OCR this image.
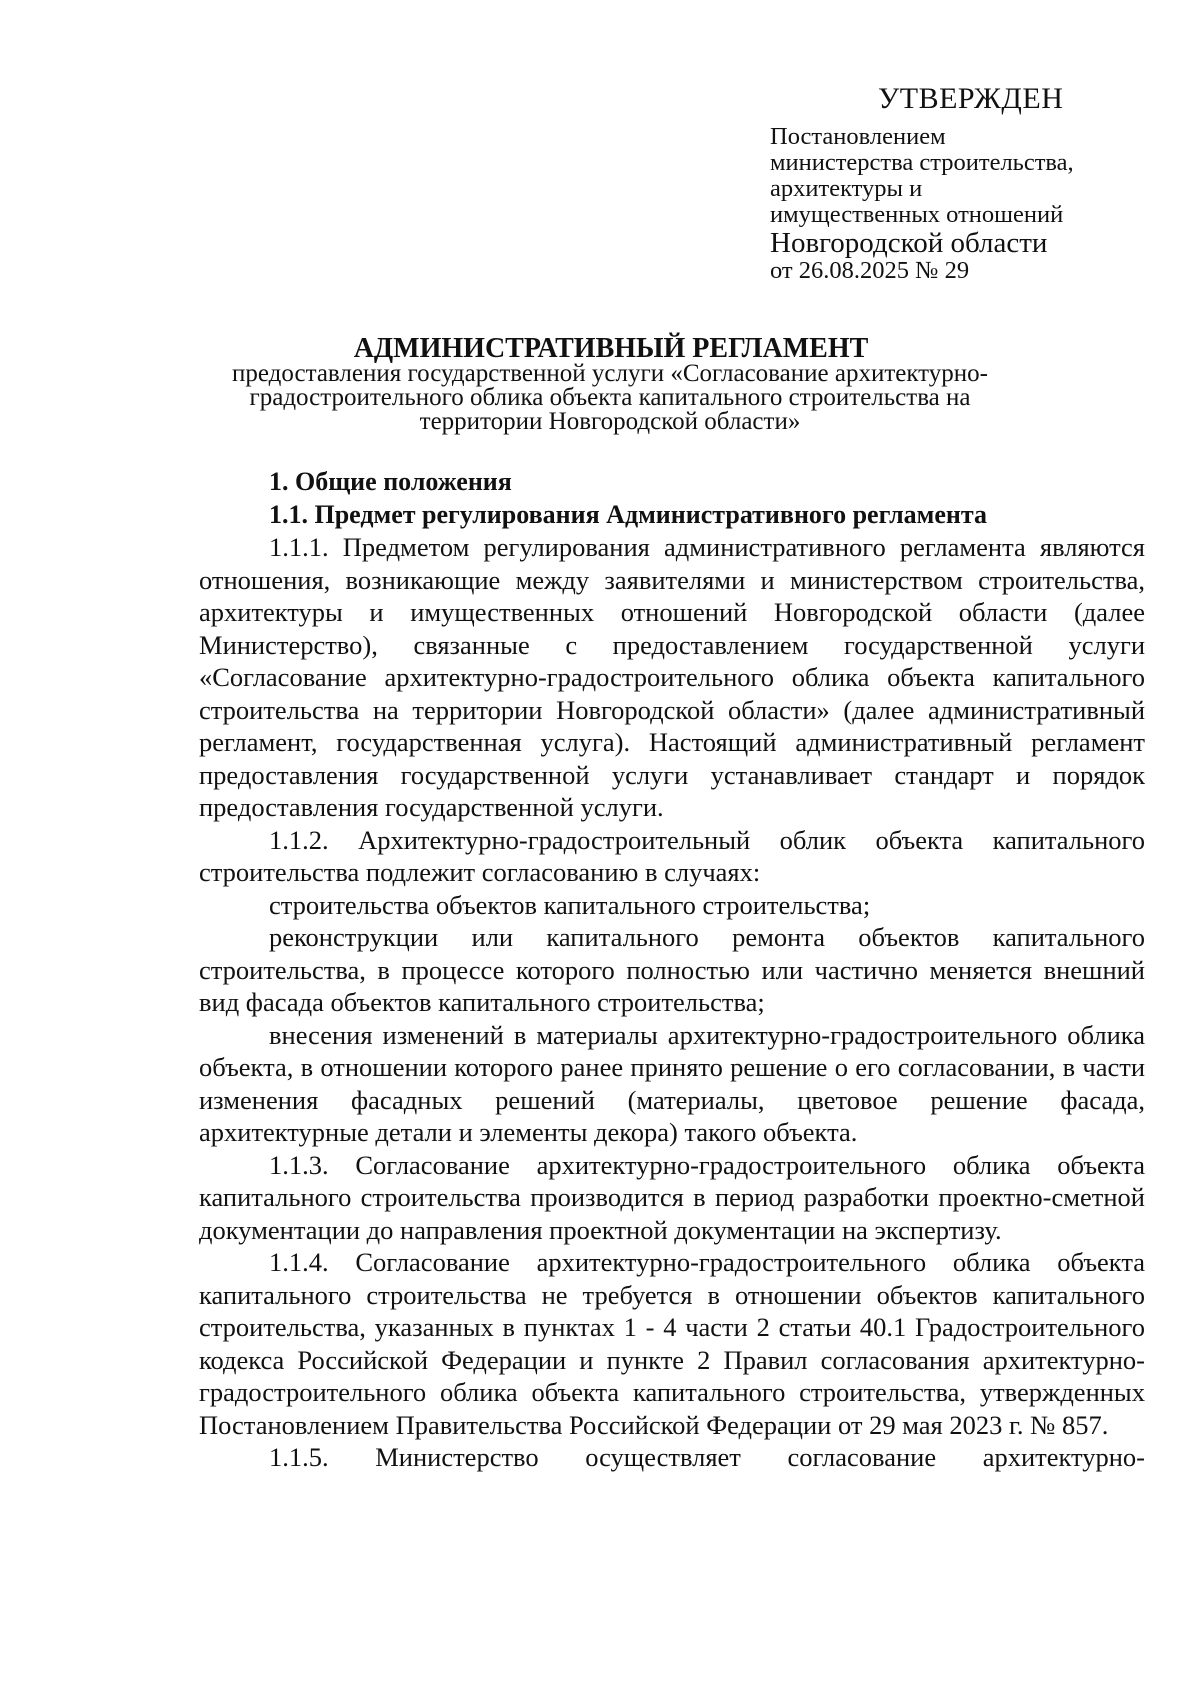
УТВЕРЖДЕН
Постановлением
министерства строительства,
архитектуры и
имущественных отношений
Новгородской области
от 26.08.2025 № 29
АДМИНИСТРАТИВНЫЙ РЕГЛАМЕНТ
предоставления государственной услуги «Согласование архитектурно-градостроительного облика объекта капитального строительства на территории Новгородской области»
1. Общие положения
1.1. Предмет регулирования Административного регламента

1.1.1. Предметом регулирования административного регламента являются отношения, возникающие между заявителями и министерством строительства, архитектуры и имущественных отношений Новгородской области (далее Министерство), связанные с предоставлением государственной услуги «Согласование архитектурно-градостроительного облика объекта капитального строительства на территории Новгородской области» (далее административный регламент, государственная услуга). Настоящий административный регламент предоставления государственной услуги устанавливает стандарт и порядок предоставления государственной услуги.

1.1.2. Архитектурно-градостроительный облик объекта капитального строительства подлежит согласованию в случаях:

строительства объектов капитального строительства;

реконструкции или капитального ремонта объектов капитального строительства, в процессе которого полностью или частично меняется внешний вид фасада объектов капитального строительства;

внесения изменений в материалы архитектурно-градостроительного облика объекта, в отношении которого ранее принято решение о его согласовании, в части изменения фасадных решений (материалы, цветовое решение фасада, архитектурные детали и элементы декора) такого объекта.

1.1.3. Согласование архитектурно-градостроительного облика объекта капитального строительства производится в период разработки проектно-сметной документации до направления проектной документации на экспертизу.

1.1.4. Согласование архитектурно-градостроительного облика объекта капитального строительства не требуется в отношении объектов капитального строительства, указанных в пунктах 1 - 4 части 2 статьи 40.1 Градостроительного кодекса Российской Федерации и пункте 2 Правил согласования архитектурно-градостроительного облика объекта капитального строительства, утвержденных Постановлением Правительства Российской Федерации от 29 мая 2023 г. № 857.

1.1.5. Министерство осуществляет согласование архитектурно-
